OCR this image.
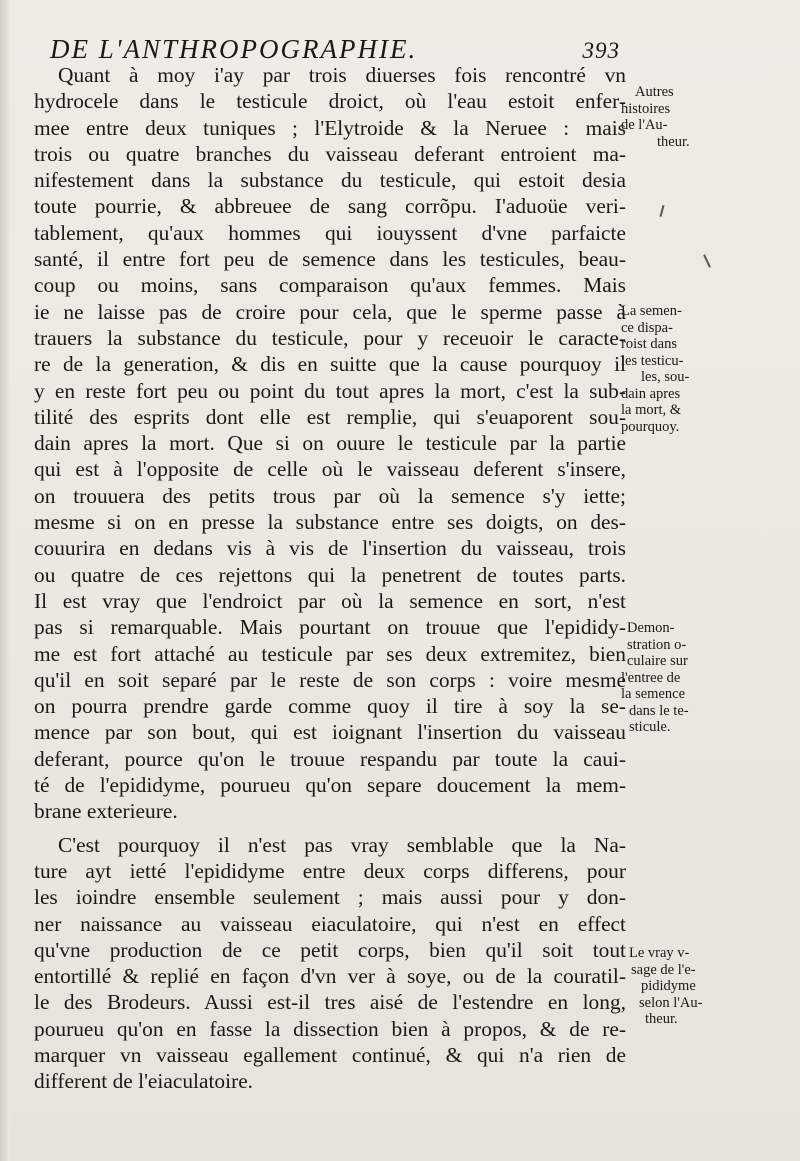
DE L'ANTHROPOGRAPHIE.	393
Quant à moy i'ay par trois diuerses fois rencontré vn
hydrocele dans le testicule droict, où l'eau estoit enfer-
mee entre deux tuniques ; l'Elytroide & la Neruee : mais
trois ou quatre branches du vaisseau deferant entroient ma-
nifestement dans la substance du testicule, qui estoit desia
toute pourrie, & abbreuee de sang corrõpu. I'aduoüe veri-
tablement, qu'aux hommes qui iouyssent d'vne parfaicte
santé, il entre fort peu de semence dans les testicules, beau-
coup ou moins, sans comparaison qu'aux femmes. Mais
ie ne laisse pas de croire pour cela, que le sperme passe à
trauers la substance du testicule, pour y receuoir le caracte-
re de la generation, & dis en suitte que la cause pourquoy il
y en reste fort peu ou point du tout apres la mort, c'est la sub-
tilité des esprits dont elle est remplie, qui s'euaporent sou-
dain apres la mort. Que si on ouure le testicule par la partie
qui est à l'opposite de celle où le vaisseau deferent s'insere,
on trouuera des petits trous par où la semence s'y iette;
mesme si on en presse la substance entre ses doigts, on des-
couurira en dedans vis à vis de l'insertion du vaisseau, trois
ou quatre de ces rejettons qui la penetrent de toutes parts.
Il est vray que l'endroict par où la semence en sort, n'est
pas si remarquable. Mais pourtant on trouue que l'epididy-
me est fort attaché au testicule par ses deux extremitez, bien
qu'il en soit separé par le reste de son corps : voire mesme
on pourra prendre garde comme quoy il tire à soy la se-
mence par son bout, qui est ioignant l'insertion du vaisseau
deferant, pource qu'on le trouue respandu par toute la caui-
té de l'epididyme, pourueu qu'on separe doucement la mem-
brane exterieure.
C'est pourquoy il n'est pas vray semblable que la Na-
ture ayt ietté l'epididyme entre deux corps differens, pour
les ioindre ensemble seulement ; mais aussi pour y don-
ner naissance au vaisseau eiaculatoire, qui n'est en effect
qu'vne production de ce petit corps, bien qu'il soit tout
entortillé & replié en façon d'vn ver à soye, ou de la couratil-
le des Brodeurs. Aussi est-il tres aisé de l'estendre en long,
pourueu qu'on en fasse la dissection bien à propos, & de re-
marquer vn vaisseau egallement continué, & qui n'a rien de
different de l'eiaculatoire.
Autres
histoires
de l'Au-
theur.
La semen-
ce dispa-
roist dans
les testicu-
les, sou-
dain apres
la mort, &
pourquoy.
Demon-
stration o-
culaire sur
l'entree de
la semence
dans le te-
sticule.
Le vray v-
sage de l'e-
pididyme
selon l'Au-
theur.
